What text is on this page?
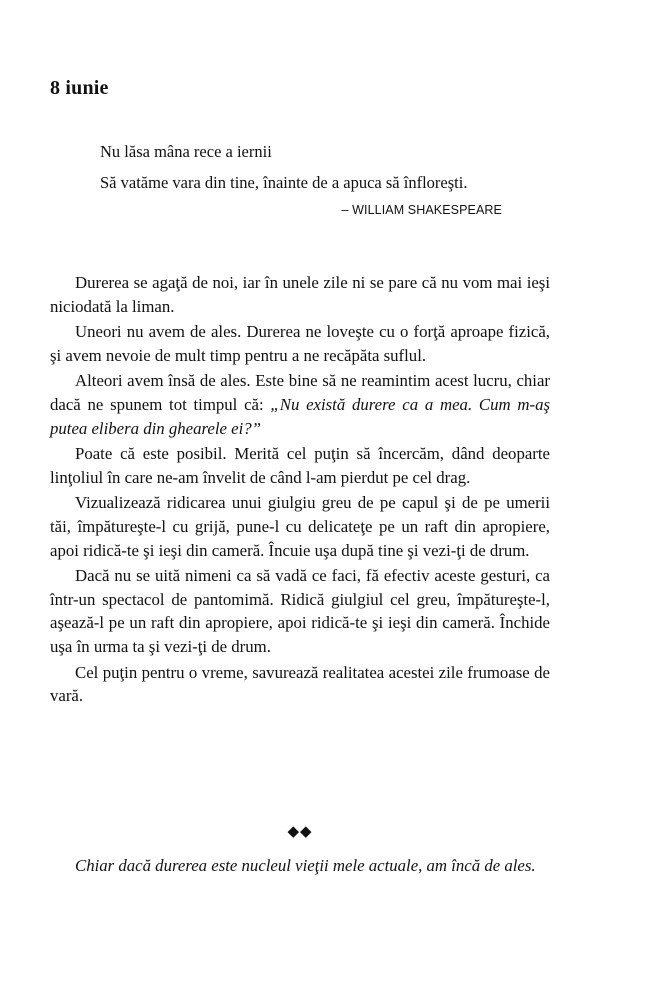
8 iunie

Nu lăsa mâna rece a iernii

Să vatăme vara din tine, înainte de a apuca să înfloreşti.

– WILLIAM SHAKESPEARE

Durerea se agaţă de noi, iar în unele zile ni se pare că nu vom mai ieşi niciodată la liman.

Uneori nu avem de ales. Durerea ne loveşte cu o forţă aproape fizică, şi avem nevoie de mult timp pentru a ne recăpăta suflul.

Alteori avem însă de ales. Este bine să ne reamintim acest lucru, chiar dacă ne spunem tot timpul că: „Nu există durere ca a mea. Cum m-aş putea elibera din ghearele ei?”

Poate că este posibil. Merită cel puţin să încercăm, dând deoparte linţoliul în care ne-am învelit de când l-am pierdut pe cel drag.

Vizualizează ridicarea unui giulgiu greu de pe capul şi de pe umerii tăi, împătureşte-l cu grijă, pune-l cu delicateţe pe un raft din apropiere, apoi ridică-te şi ieşi din cameră. Încuie uşa după tine şi vezi-ţi de drum.

Dacă nu se uită nimeni ca să vadă ce faci, fă efectiv aceste gesturi, ca într-un spectacol de pantomimă. Ridică giulgiul cel greu, împătureşte-l, aşează-l pe un raft din apropiere, apoi ridică-te şi ieşi din cameră. Închide uşa în urma ta şi vezi-ţi de drum.

Cel puţin pentru o vreme, savurează realitatea acestei zile frumoase de vară.

◆◆

Chiar dacă durerea este nucleul vieţii mele actuale, am încă de ales.
